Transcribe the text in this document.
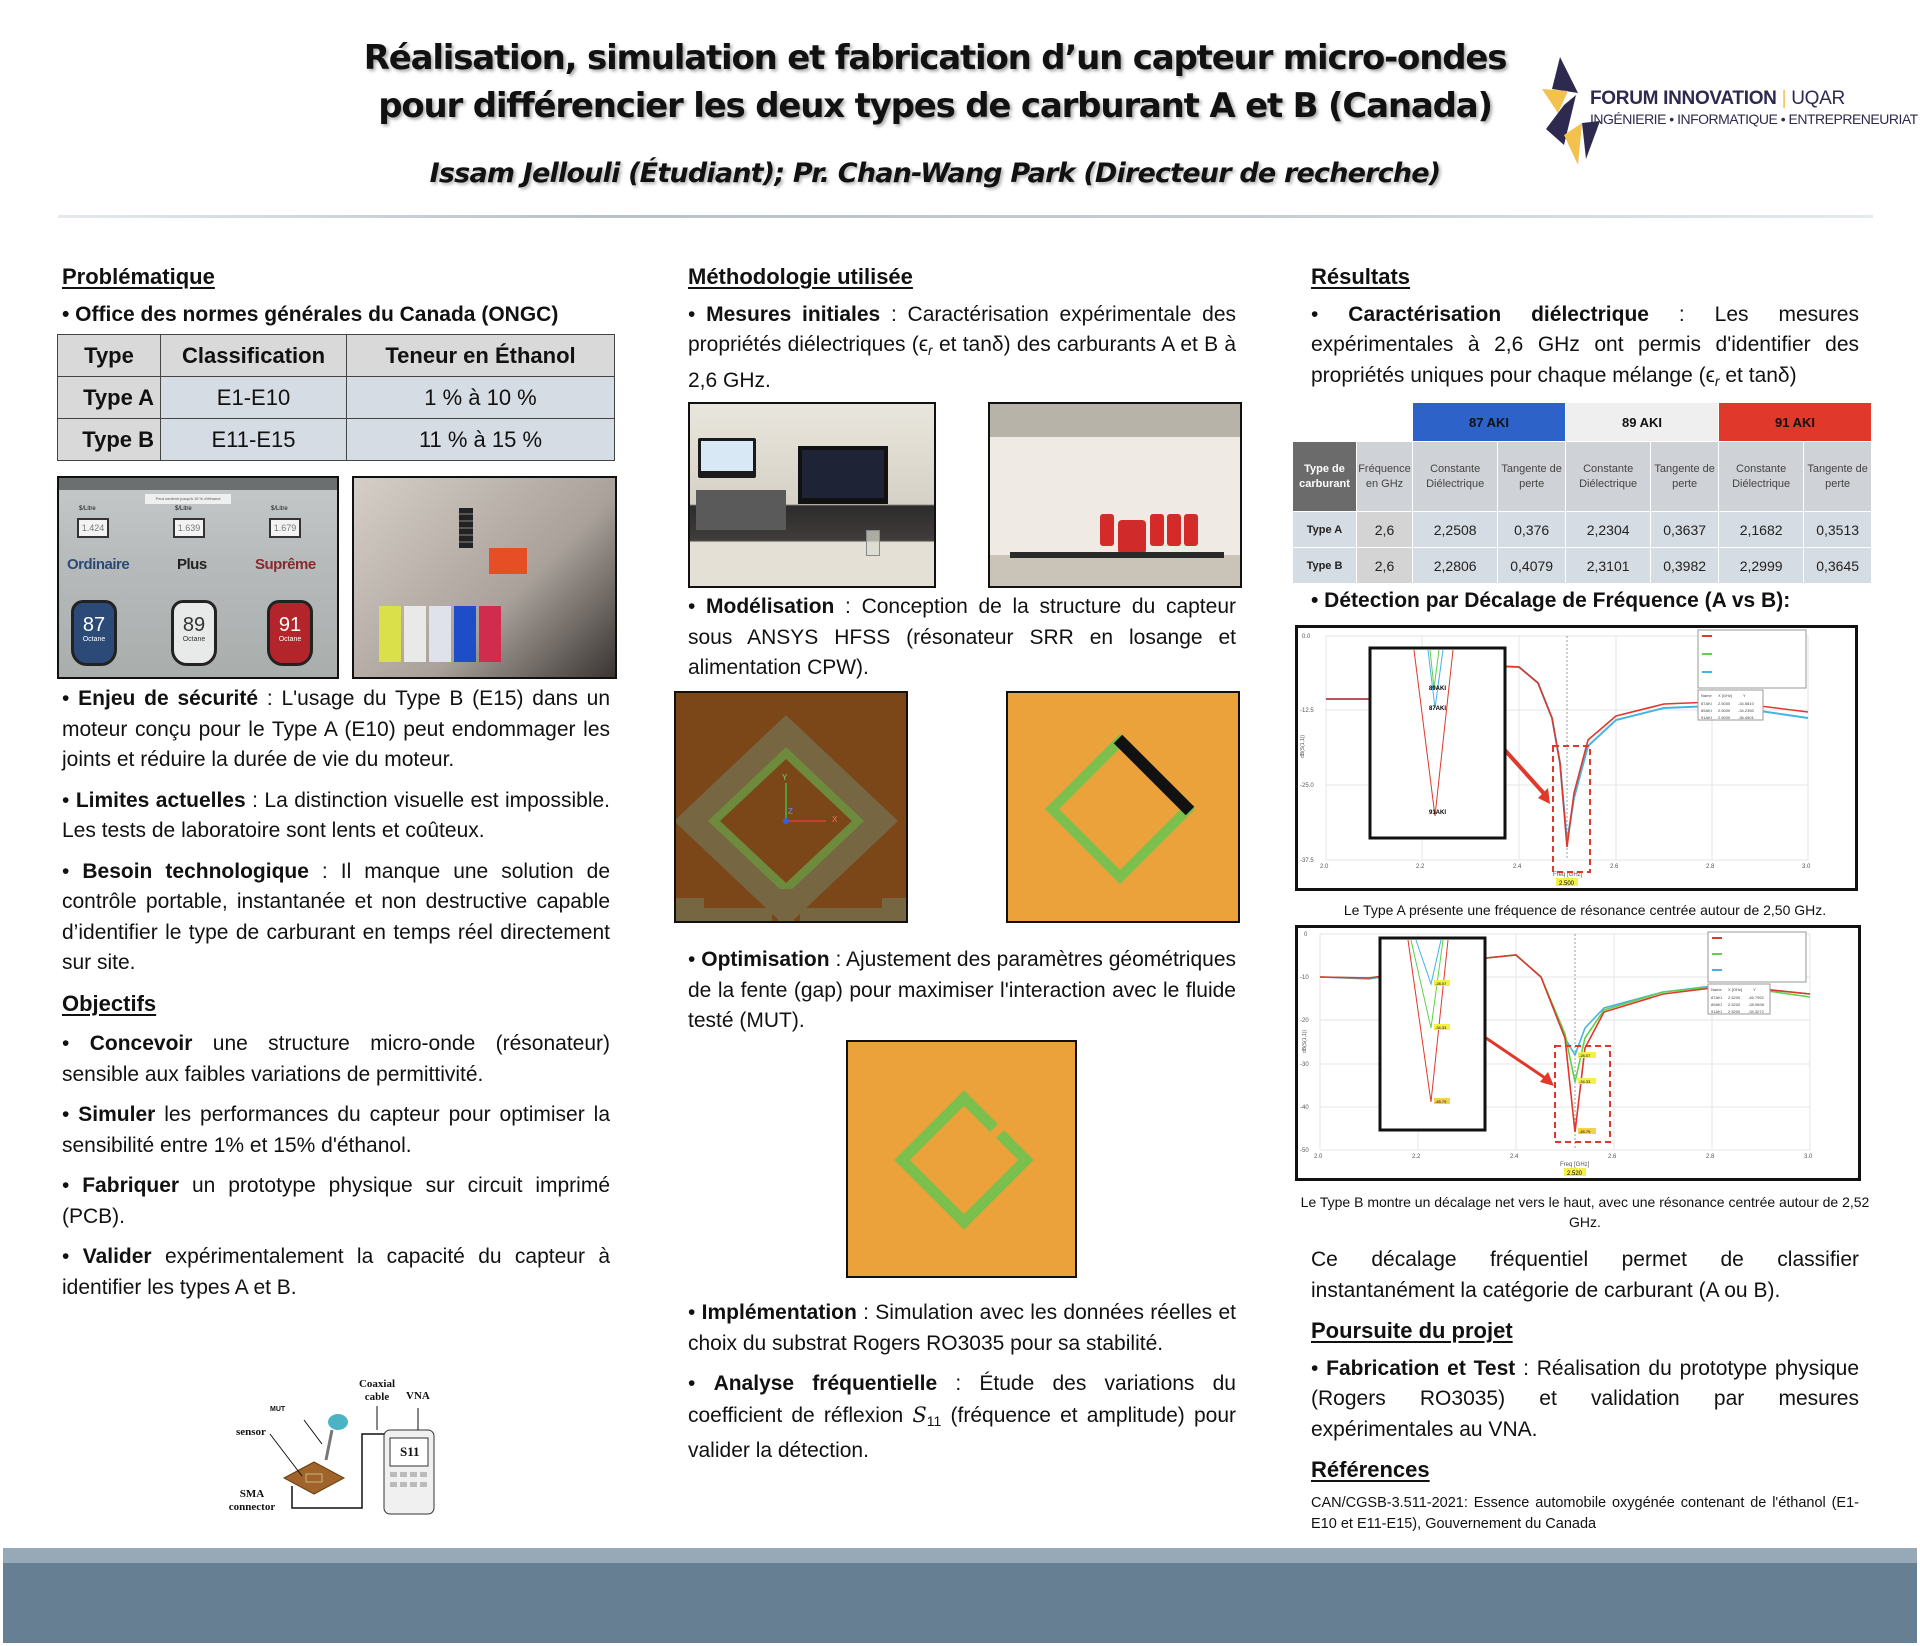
Réalisation, simulation et fabrication d’un capteur micro-ondes
pour différencier les deux types de carburant A et B (Canada)
Issam Jellouli (Étudiant); Pr. Chan-Wang Park (Directeur de recherche)
FORUM INNOVATION | UQAR
INGÉNIERIE • INFORMATIQUE • ENTREPRENEURIAT
Problématique
• Office des normes générales du Canada (ONGC)
Type	Classification	Teneur en Éthanol
Type A	E1-E10	1 % à 10 %
Type B	E11-E15	11 % à 15 %
Peut contenir jusqu'à 15 % d'éthanol
$/Litre	$/Litre	$/Litre
1.424	1.639	1.679
Ordinaire	Plus	Suprême
87
Octane
89
Octane
91
Octane
• Enjeu de sécurité : L'usage du Type B (E15) dans un moteur conçu pour le Type A (E10) peut endommager les joints et réduire la durée de vie du moteur.
• Limites actuelles : La distinction visuelle est impossible. Les tests de laboratoire sont lents et coûteux.
• Besoin technologique : Il manque une solution de contrôle portable, instantanée et non destructive capable d’identifier le type de carburant en temps réel directement sur site.
Objectifs
• Concevoir une structure micro-onde (résonateur) sensible aux faibles variations de permittivité.
• Simuler les performances du capteur pour optimiser la sensibilité entre 1% et 15% d'éthanol.
• Fabriquer un prototype physique sur circuit imprimé (PCB).
• Valider expérimentalement la capacité du capteur à identifier les types A et B.
MUT
sensor
Coaxial cable	VNA
SMA connector
S11
Méthodologie utilisée
• Mesures initiales : Caractérisation expérimentale des propriétés diélectriques (ϵr et tanδ) des carburants A et B à 2,6 GHz.
• Modélisation : Conception de la structure du capteur sous ANSYS HFSS (résonateur SRR en losange et alimentation CPW).
Z
X
Y
• Optimisation : Ajustement des paramètres géométriques de la fente (gap) pour maximiser l'interaction avec le fluide testé (MUT).
• Implémentation : Simulation avec les données réelles et choix du substrat Rogers RO3035 pour sa stabilité.
• Analyse fréquentielle : Étude des variations du coefficient de réflexion S11 (fréquence et amplitude) pour valider la détection.
Résultats
• Caractérisation diélectrique : Les mesures expérimentales à 2,6 GHz ont permis d'identifier des propriétés uniques pour chaque mélange (ϵr et tanδ)
		87 AKI		89 AKI		91 AKI	
Type de carburant	Fréquence en GHz	Constante Diélectrique	Tangente de perte	Constante Diélectrique	Tangente de perte	Constante Diélectrique	Tangente de perte
Type A	2,6	2,2508	0,376	2,2304	0,3637	2,1682	0,3513
Type B	2,6	2,2806	0,4079	2,3101	0,3982	2,2999	0,3645
• Détection par Décalage de Fréquence (A vs B):
0.0
-12.5
-25.0
-37.5
2.0	2.2	2.4	2.6	2.8	3.0
Freq [GHz]
2.500
89AKI
87AKI
91AKI
Name X [GHz]	Y
87AKI 2.5000 -34.5810
89AKI 2.5000 -34.2350
91AKI 2.5000 -36.4501
dB(S(1,1))
Le Type A présente une fréquence de résonance centrée autour de 2,50 GHz.
0
-10
-20
-30
-40
-50
2.0	2.2	2.4	2.6	2.8	3.0
Freq [GHz]
2.520
-28.07
-34.33
-45.79
-28.07
-34.33
-45.79
Name X [GHz]	Y
87AKI 2.5200 -45.7952
89AKI 2.5200 -28.0698
91AKI 2.5200 -34.3272
dB(S(1,1))
Le Type B montre un décalage net vers le haut, avec une résonance centrée autour de 2,52 GHz.
Ce décalage fréquentiel permet de classifier instantanément la catégorie de carburant (A ou B).
Poursuite du projet
• Fabrication et Test : Réalisation du prototype physique (Rogers RO3035) et validation par mesures expérimentales au VNA.
Références
CAN/CGSB-3.511-2021: Essence automobile oxygénée contenant de l'éthanol (E1-E10 et E11-E15), Gouvernement du Canada
